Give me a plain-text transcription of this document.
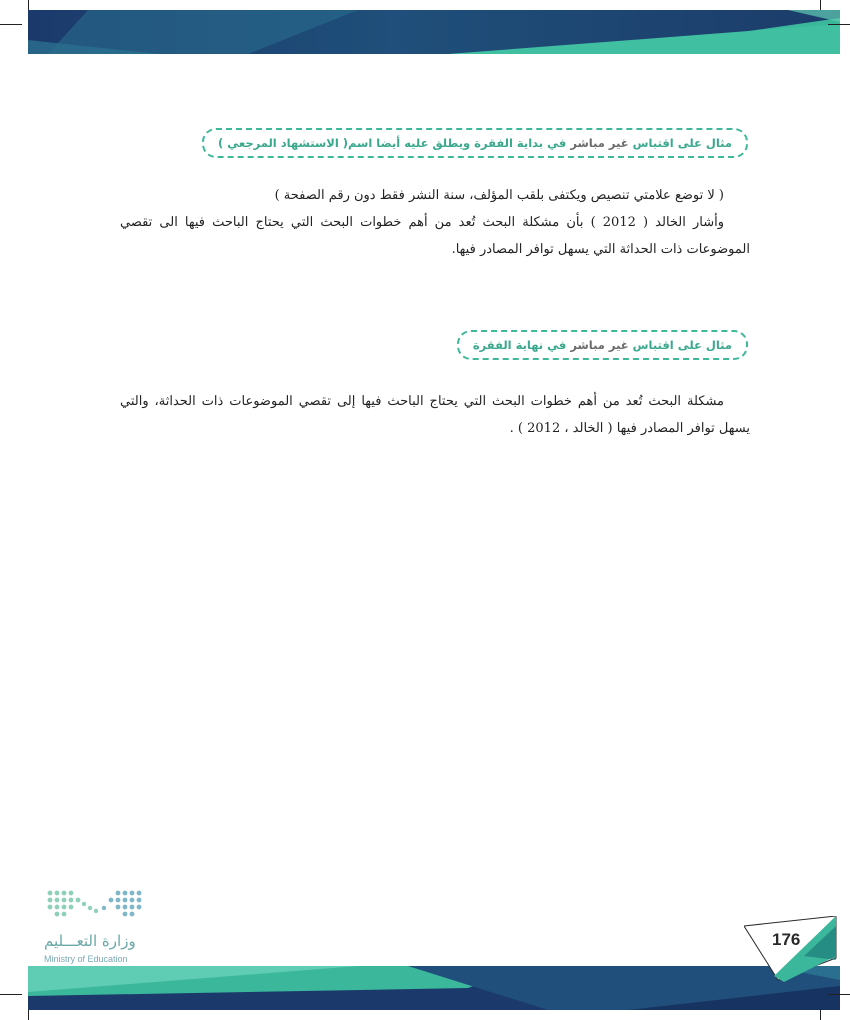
مثال على اقتباس غير مباشر في بداية الفقرة ويطلق عليه أيضا اسم( الاستشهاد المرجعي )

( لا توضع علامتي تنصيص ويكتفى بلقب المؤلف، سنة النشر فقط دون رقم الصفحة )

وأشار الخالد ( 2012 ) بأن مشكلة البحث تُعد من أهم خطوات البحث التي يحتاج الباحث فيها الى تقصي الموضوعات ذات الحداثة التي يسهل توافر المصادر فيها.

مثال على اقتباس غير مباشر في نهاية الفقرة

مشكلة البحث تُعد من أهم خطوات البحث التي يحتاج الباحث فيها إلى تقصي الموضوعات ذات الحداثة، والتي يسهل توافر المصادر فيها ( الخالد ، 2012 ) .

وزارة التعـــليم
Ministry of Education
176
